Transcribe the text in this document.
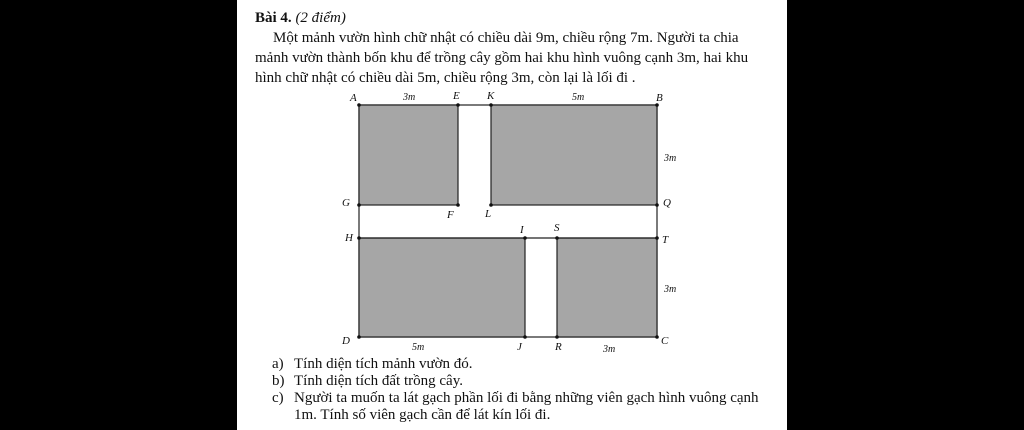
Bài 4. (2 điểm)
Một mảnh vườn hình chữ nhật có chiều dài 9m, chiều rộng 7m. Người ta chia
mảnh vườn thành bốn khu để trồng cây gồm hai khu hình vuông cạnh 3m, hai khu
hình chữ nhật có chiều dài 5m, chiều rộng 3m, còn lại là lối đi .
A	E K	B
G
F	L
Q
H
I	S
T
D	J	R	C
3m	5m
3m
3m
5m	3m
a) Tính diện tích mảnh vườn đó.
b) Tính diện tích đất trồng cây.
c) Người ta muốn ta lát gạch phần lối đi bằng những viên gạch hình vuông cạnh 1m. Tính số viên gạch cần để lát kín lối đi.
